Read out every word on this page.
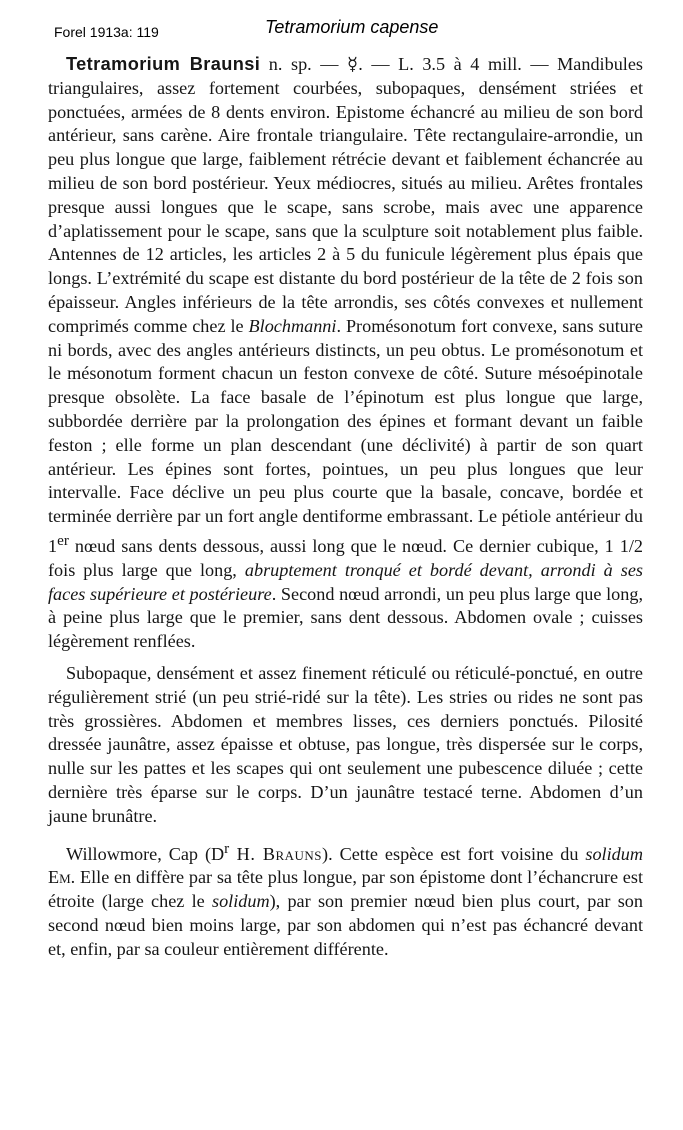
Forel 1913a: 119	Tetramorium capense

Tetramorium Braunsi n. sp. — ☿. — L. 3.5 à 4 mill. — Mandibules triangulaires, assez fortement courbées, subopaques, densément striées et ponctuées, armées de 8 dents environ. Epistome échancré au milieu de son bord antérieur, sans carène. Aire frontale triangulaire. Tête rectangulaire-arrondie, un peu plus longue que large, faiblement rétrécie devant et faiblement échancrée au milieu de son bord postérieur. Yeux médiocres, situés au milieu. Arêtes frontales presque aussi longues que le scape, sans scrobe, mais avec une apparence d’aplatissement pour le scape, sans que la sculpture soit notablement plus faible. Antennes de 12 articles, les articles 2 à 5 du funicule légèrement plus épais que longs. L’extrémité du scape est distante du bord postérieur de la tête de 2 fois son épaisseur. Angles inférieurs de la tête arrondis, ses côtés convexes et nullement comprimés comme chez le Blochmanni. Promésonotum fort convexe, sans suture ni bords, avec des angles antérieurs distincts, un peu obtus. Le promésonotum et le mésonotum forment chacun un feston convexe de côté. Suture mésoépinotale presque obsolète. La face basale de l’épinotum est plus longue que large, subbordée derrière par la prolongation des épines et formant devant un faible feston ; elle forme un plan descendant (une déclivité) à partir de son quart antérieur. Les épines sont fortes, pointues, un peu plus longues que leur intervalle. Face déclive un peu plus courte que la basale, concave, bordée et terminée derrière par un fort angle dentiforme embrassant. Le pétiole antérieur du 1er nœud sans dents dessous, aussi long que le nœud. Ce dernier cubique, 1 1/2 fois plus large que long, abruptement tronqué et bordé devant, arrondi à ses faces supérieure et postérieure. Second nœud arrondi, un peu plus large que long, à peine plus large que le premier, sans dent dessous. Abdomen ovale ; cuisses légèrement renflées.

Subopaque, densément et assez finement réticulé ou réticulé-ponctué, en outre régulièrement strié (un peu strié-ridé sur la tête). Les stries ou rides ne sont pas très grossières. Abdomen et membres lisses, ces derniers ponctués. Pilosité dressée jaunâtre, assez épaisse et obtuse, pas longue, très dispersée sur le corps, nulle sur les pattes et les scapes qui ont seulement une pubescence diluée ; cette dernière très éparse sur le corps. D’un jaunâtre testacé terne. Abdomen d’un jaune brunâtre.

Willowmore, Cap ($D^r$ H. Brauns). Cette espèce est fort voisine du solidum Em. Elle en diffère par sa tête plus longue, par son épistome dont l’échancrure est étroite (large chez le solidum), par son premier nœud bien plus court, par son second nœud bien moins large, par son abdomen qui n’est pas échancré devant et, enfin, par sa couleur entièrement différente.
